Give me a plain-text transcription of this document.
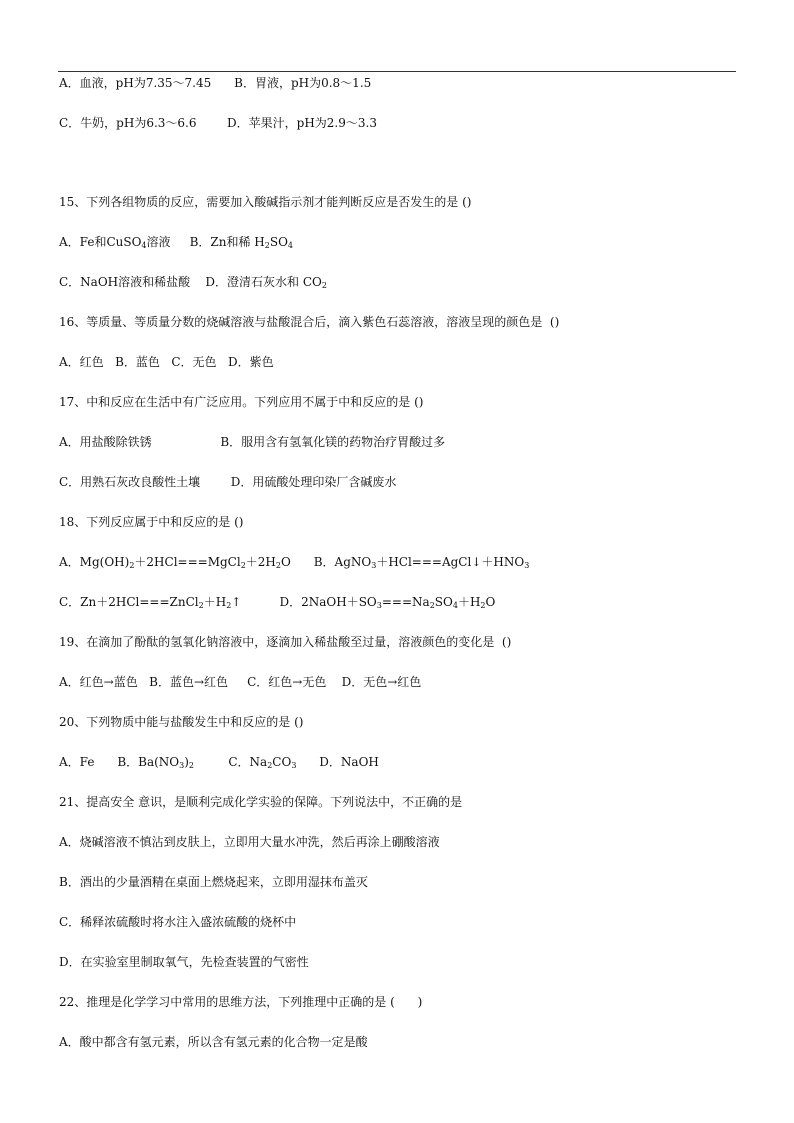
A．血液，pH为7.35～7.45      B．胃液，pH为0.8～1.5
C．牛奶，pH为6.3～6.6        D．苹果汁，pH为2.9～3.3
15、下列各组物质的反应，需要加入酸碱指示剂才能判断反应是否发生的是 ()
A．Fe和CuSO$_4$溶液     B．Zn和稀 $H_2SO_4$
C．NaOH溶液和稀盐酸    D．澄清石灰水和 $CO_2$
16、等质量、等质量分数的烧碱溶液与盐酸混合后，滴入紫色石蕊溶液，溶液呈现的颜色是  ()
A．红色   B．蓝色   C．无色   D．紫色
17、中和反应在生活中有广泛应用。下列应用不属于中和反应的是 ()
A．用盐酸除铁锈                  B．服用含有氢氧化镁的药物治疗胃酸过多
C．用熟石灰改良酸性土壤        D．用硫酸处理印染厂含碱废水
18、下列反应属于中和反应的是 ()
A．$Mg(OH)_2+2HCl===MgCl_2+2H_2O$      B．$AgNO_3+HCl===AgCl↓+HNO_3$
C．$Zn+2HCl===ZnCl_2+H_2↑$          D．$2NaOH+SO_3===Na_2SO_4+H_2O$
19、在滴加了酚酞的氢氧化钠溶液中，逐滴加入稀盐酸至过量，溶液颜色的变化是  ()
A．红色→蓝色   B．蓝色→红色     C．红色→无色    D．无色→红色
20、下列物质中能与盐酸发生中和反应的是 ()
A．Fe      B．$Ba(NO_3)_2$         C．$Na_2CO_3$      D．NaOH
21、提高安全 意识，是顺利完成化学实验的保障。下列说法中，不正确的是
A．烧碱溶液不慎沾到皮肤上，立即用大量水冲洗，然后再涂上硼酸溶液
B．酒出的少量酒精在桌面上燃烧起来，立即用湿抹布盖灭
C．稀释浓硫酸时将水注入盛浓硫酸的烧杯中
D．在实验室里制取氧气，先检查装置的气密性
22、推理是化学学习中常用的思维方法，下列推理中正确的是 (      )
A．酸中都含有氢元素，所以含有氢元素的化合物一定是酸
